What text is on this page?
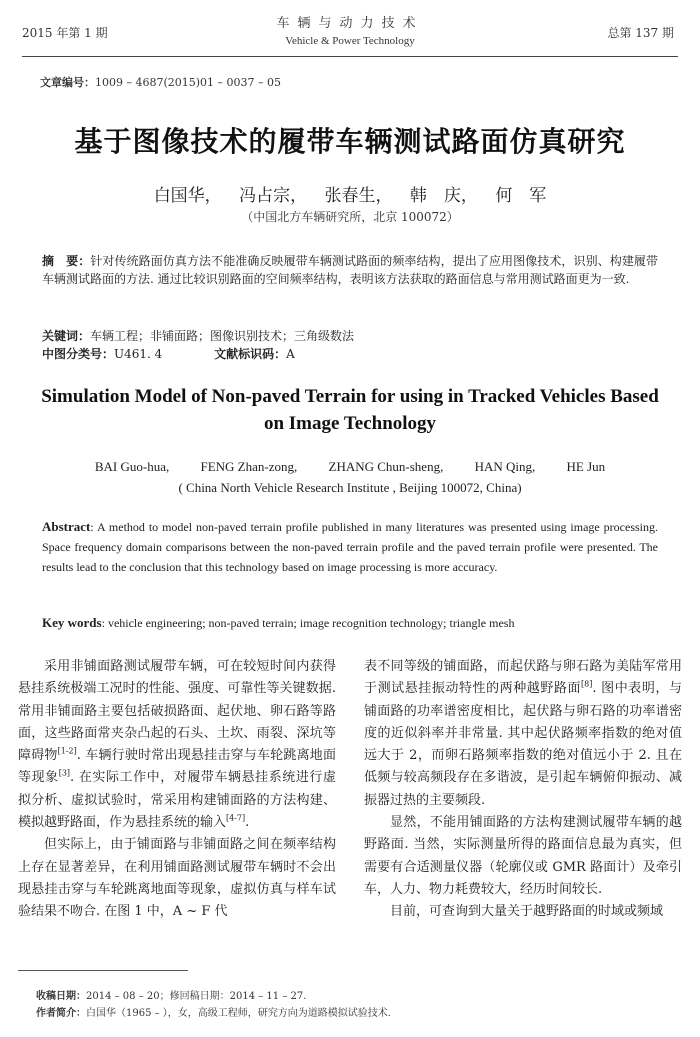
2015 年第 1 期
车辆与动力技术
Vehicle & Power Technology
总第 137 期
文章编号：1009 – 4687(2015)01 – 0037 – 05
基于图像技术的履带车辆测试路面仿真研究
白国华， 冯占宗， 张春生， 韩　庆， 何　军
（中国北方车辆研究所，北京 100072）
摘　要：针对传统路面仿真方法不能准确反映履带车辆测试路面的频率结构，提出了应用图像技术，识别、构建履带车辆测试路面的方法. 通过比较识别路面的空间频率结构，表明该方法获取的路面信息与常用测试路面更为一致.
关键词：车辆工程；非铺面路；图像识别技术；三角级数法
中图分类号：U461. 4	文献标识码：A
Simulation Model of Non-paved Terrain for using in Tracked Vehicles Based on Image Technology
BAI Guo-hua, FENG Zhan-zong, ZHANG Chun-sheng, HAN Qing, HE Jun
( China North Vehicle Research Institute , Beijing 100072, China)
Abstract: A method to model non-paved terrain profile published in many literatures was presented using image processing. Space frequency domain comparisons between the non-paved terrain profile and the paved terrain profile were presented. The results lead to the conclusion that this technology based on image processing is more accuracy.
Key words: vehicle engineering; non-paved terrain; image recognition technology; triangle mesh

采用非铺面路测试履带车辆，可在较短时间内获得悬挂系统极端工况时的性能、强度、可靠性等关键数据. 常用非铺面路主要包括破损路面、起伏地、卵石路等路面，这些路面常夹杂凸起的石头、土坎、雨裂、深坑等障碍物[1-2]. 车辆行驶时常出现悬挂击穿与车轮跳离地面等现象[3]. 在实际工作中，对履带车辆悬挂系统进行虚拟分析、虚拟试验时，常采用构建铺面路的方法构建、模拟越野路面，作为悬挂系统的输入[4-7].

但实际上，由于铺面路与非铺面路之间在频率结构上存在显著差异，在利用铺面路测试履带车辆时不会出现悬挂击穿与车轮跳离地面等现象，虚拟仿真与样车试验结果不吻合. 在图 1 中，A ~ F 代

表不同等级的铺面路，而起伏路与卵石路为美陆军常用于测试悬挂振动特性的两种越野路面[8]. 图中表明，与铺面路的功率谱密度相比，起伏路与卵石路的功率谱密度的近似斜率并非常量. 其中起伏路频率指数的绝对值远大于 2，而卵石路频率指数的绝对值远小于 2. 且在低频与较高频段存在多谐波，是引起车辆俯仰振动、减振器过热的主要频段.

显然，不能用铺面路的方法构建测试履带车辆的越野路面. 当然，实际测量所得的路面信息最为真实，但需要有合适测量仪器（轮廓仪或 GMR 路面计）及牵引车，人力、物力耗费较大，经历时间较长.

目前，可查询到大量关于越野路面的时域或频域

收稿日期：2014 – 08 – 20；修回稿日期：2014 – 11 – 27.
作者简介：白国华（1965 – ），女，高级工程师，研究方向为道路模拟试验技术.
